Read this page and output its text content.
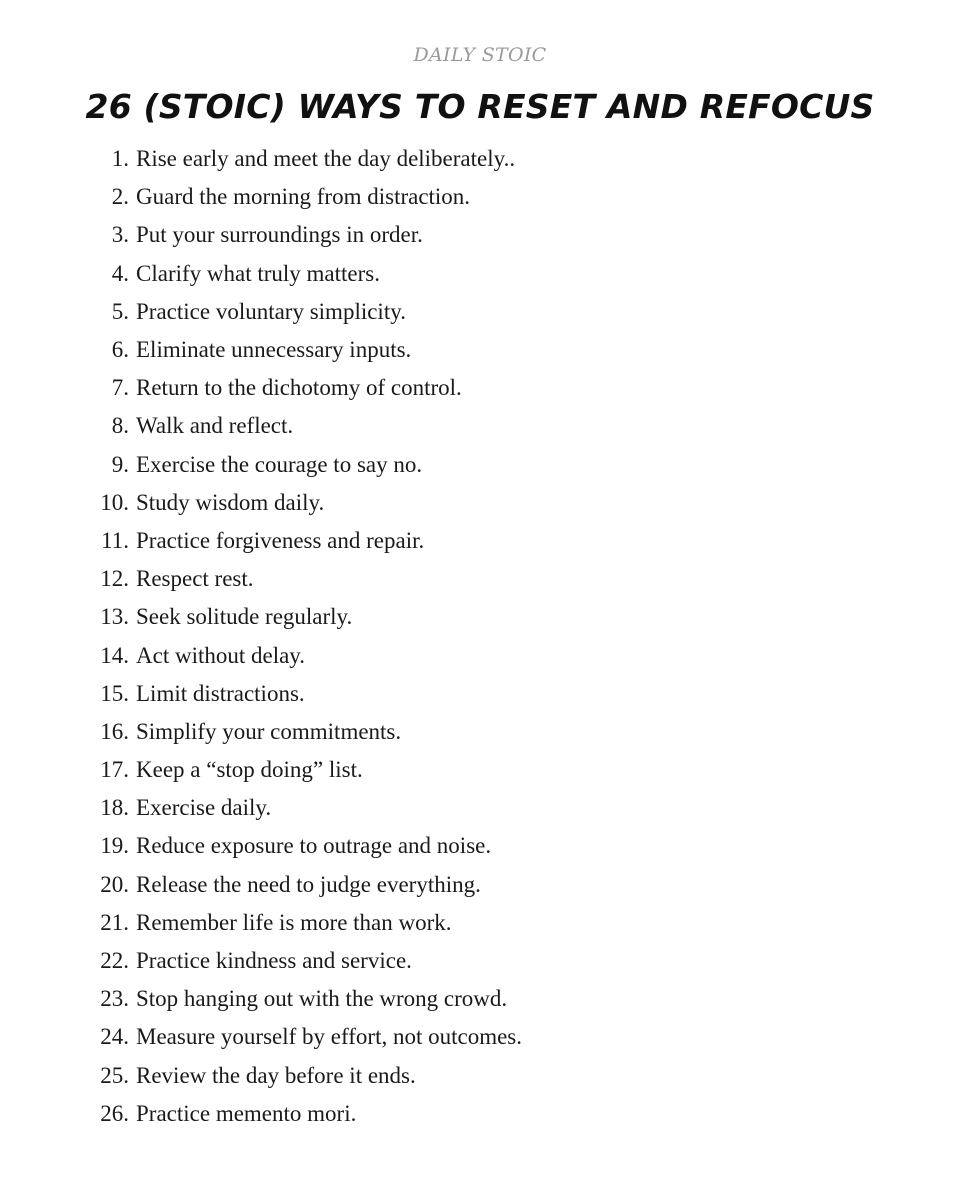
DAILY STOIC
26 (STOIC) WAYS TO RESET AND REFOCUS
1. Rise early and meet the day deliberately..
2. Guard the morning from distraction.
3. Put your surroundings in order.
4. Clarify what truly matters.
5. Practice voluntary simplicity.
6. Eliminate unnecessary inputs.
7. Return to the dichotomy of control.
8. Walk and reflect.
9. Exercise the courage to say no.
10. Study wisdom daily.
11. Practice forgiveness and repair.
12. Respect rest.
13. Seek solitude regularly.
14. Act without delay.
15. Limit distractions.
16. Simplify your commitments.
17. Keep a “stop doing” list.
18. Exercise daily.
19. Reduce exposure to outrage and noise.
20. Release the need to judge everything.
21. Remember life is more than work.
22. Practice kindness and service.
23. Stop hanging out with the wrong crowd.
24. Measure yourself by effort, not outcomes.
25. Review the day before it ends.
26. Practice memento mori.
